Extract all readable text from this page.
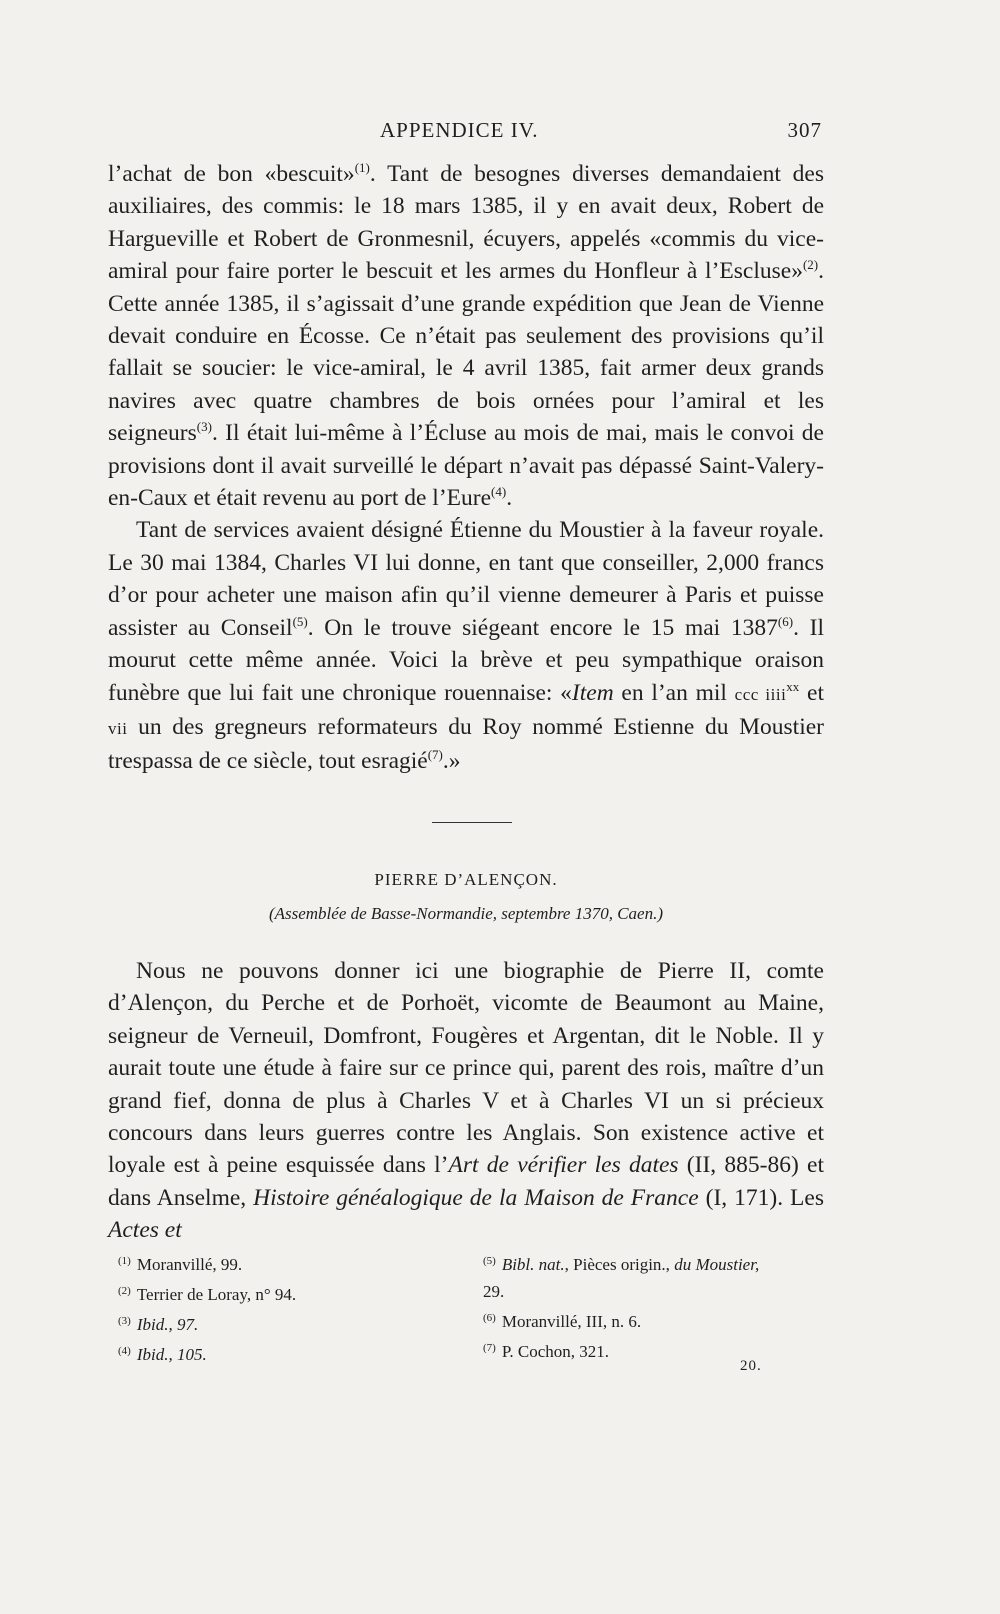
APPENDICE IV.	307

l’achat de bon «bescuit»$^{(1)}$. Tant de besognes diverses demandaient des auxiliaires, des commis: le 18 mars 1385, il y en avait deux, Robert de Hargueville et Robert de Gronmesnil, écuyers, appelés «commis du vice-amiral pour faire porter le bescuit et les armes du Honfleur à l’Escluse»$^{(2)}$. Cette année 1385, il s’agissait d’une grande expédition que Jean de Vienne devait conduire en Écosse. Ce n’était pas seulement des provisions qu’il fallait se soucier: le vice-amiral, le 4 avril 1385, fait armer deux grands navires avec quatre chambres de bois ornées pour l’amiral et les seigneurs$^{(3)}$. Il était lui-même à l’Écluse au mois de mai, mais le convoi de provisions dont il avait surveillé le départ n’avait pas dépassé Saint-Valery-en-Caux et était revenu au port de l’Eure$^{(4)}$.

Tant de services avaient désigné Étienne du Moustier à la faveur royale. Le 30 mai 1384, Charles VI lui donne, en tant que conseiller, 2,000 francs d’or pour acheter une maison afin qu’il vienne demeurer à Paris et puisse assister au Conseil$^{(5)}$. On le trouve siégeant encore le 15 mai 1387$^{(6)}$. Il mourut cette même année. Voici la brève et peu sympathique oraison funèbre que lui fait une chronique rouennaise: «Item en l’an mil ccc iiii$^{xx}$ et vii un des gregneurs reformateurs du Roy nommé Estienne du Moustier trespassa de ce siècle, tout esragié$^{(7)}$.»

PIERRE D’ALENÇON.
(Assemblée de Basse-Normandie, septembre 1370, Caen.)

Nous ne pouvons donner ici une biographie de Pierre II, comte d’Alençon, du Perche et de Porhoët, vicomte de Beaumont au Maine, seigneur de Verneuil, Domfront, Fougères et Argentan, dit le Noble. Il y aurait toute une étude à faire sur ce prince qui, parent des rois, maître d’un grand fief, donna de plus à Charles V et à Charles VI un si précieux concours dans leurs guerres contre les Anglais. Son existence active et loyale est à peine esquissée dans l’Art de vérifier les dates (II, 885-86) et dans Anselme, Histoire généalogique de la Maison de France (I, 171). Les Actes et

$^{(1)}$ Moranvillé, 99.
$^{(2)}$ Terrier de Loray, n° 94.
$^{(3)}$ Ibid., 97.
$^{(4)}$ Ibid., 105.
$^{(5)}$ Bibl. nat., Pièces origin., du Moustier,
29.
$^{(6)}$ Moranvillé, III, n. 6.
$^{(7)}$ P. Cochon, 321.
20.
